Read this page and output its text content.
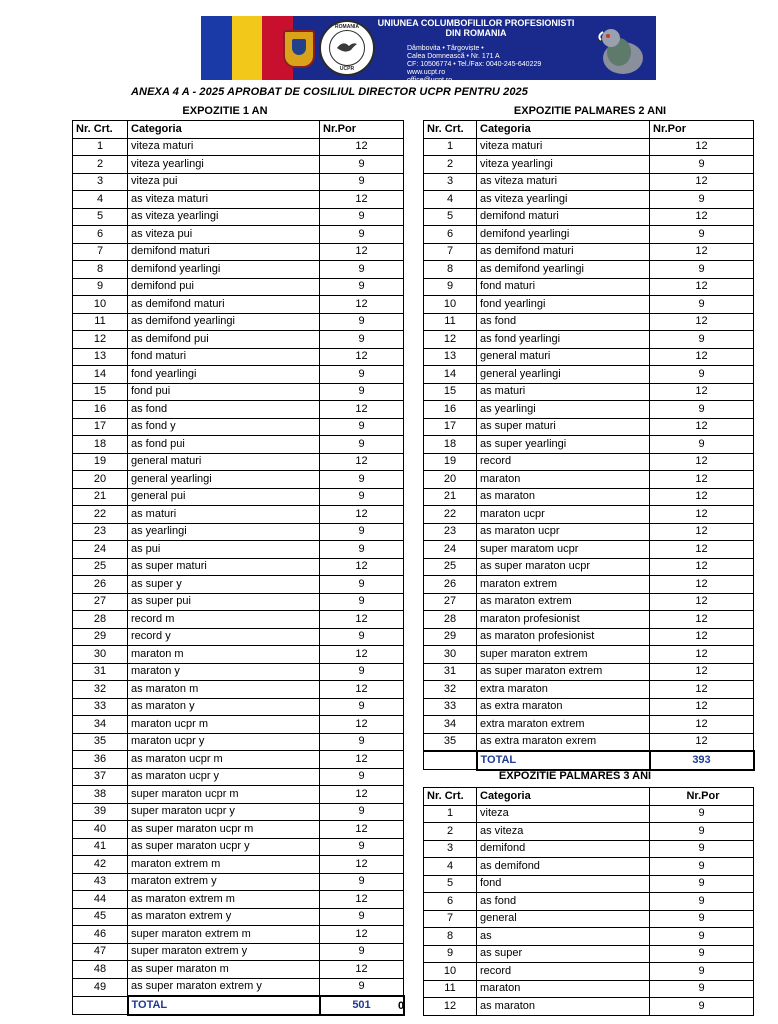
ROMANIA
UCPR
UNIUNEA COLUMBOFILILOR PROFESIONISTI
DIN ROMANIA
Dâmbovita • Târgoviște •
Calea Domnească • Nr. 171 A
CF: 10506774 • Tel./Fax: 0040-245-640229
www.ucpt.ro
office@ucpt.ro
ANEXA 4 A - 2025 APROBAT DE COSILIUL DIRECTOR UCPR PENTRU 2025
EXPOZITIE 1 AN	EXPOZITIE PALMARES 2 ANI
EXPOZITIE PALMARES 3 ANI
Nr. Crt.	Categoria	Nr.Por
1	viteza maturi	12
2	viteza yearlingi	9
3	viteza pui	9
4	as viteza maturi	12
5	as viteza yearlingi	9
6	as viteza pui	9
7	demifond maturi	12
8	demifond yearlingi	9
9	demifond pui	9
10	as demifond maturi	12
11	as demifond yearlingi	9
12	as demifond pui	9
13	fond maturi	12
14	fond yearlingi	9
15	fond pui	9
16	as fond	12
17	as fond y	9
18	as fond pui	9
19	general maturi	12
20	general yearlingi	9
21	general pui	9
22	as maturi	12
23	as yearlingi	9
24	as pui	9
25	as super maturi	12
26	as super y	9
27	as super pui	9
28	record m	12
29	record y	9
30	maraton m	12
31	maraton y	9
32	as maraton m	12
33	as maraton y	9
34	maraton ucpr m	12
35	maraton ucpr y	9
36	as maraton ucpr m	12
37	as maraton ucpr y	9
38	super maraton ucpr m	12
39	super maraton ucpr y	9
40	as super maraton ucpr m	12
41	as super maraton ucpr y	9
42	maraton extrem m	12
43	maraton extrem y	9
44	as maraton extrem m	12
45	as maraton extrem y	9
46	super maraton extrem m	12
47	super maraton extrem y	9
48	as super maraton m	12
49	as super maraton extrem y	9
	TOTAL	501 0
Nr. Crt.	Categoria	Nr.Por
1	viteza maturi	12
2	viteza yearlingi	9
3	as viteza maturi	12
4	as viteza yearlingi	9
5	demifond maturi	12
6	demifond yearlingi	9
7	as demifond maturi	12
8	as demifond yearlingi	9
9	fond maturi	12
10	fond yearlingi	9
11	as fond	12
12	as fond yearlingi	9
13	general maturi	12
14	general yearlingi	9
15	as maturi	12
16	as yearlingi	9
17	as super maturi	12
18	as super yearlingi	9
19	record	12
20	maraton	12
21	as maraton	12
22	maraton ucpr	12
23	as maraton ucpr	12
24	super maratom ucpr	12
25	as super maraton ucpr	12
26	maraton extrem	12
27	as maraton extrem	12
28	maraton profesionist	12
29	as maraton profesionist	12
30	super maraton extrem	12
31	as super maraton extrem	12
32	extra maraton	12
33	as extra maraton	12
34	extra maraton extrem	12
35	as extra maraton exrem	12
	TOTAL	393
Nr. Crt.	Categoria	Nr.Por
1	viteza	9
2	as viteza	9
3	demifond	9
4	as demifond	9
5	fond	9
6	as fond	9
7	general	9
8	as	9
9	as super	9
10	record	9
11	maraton	9
12	as maraton	9
